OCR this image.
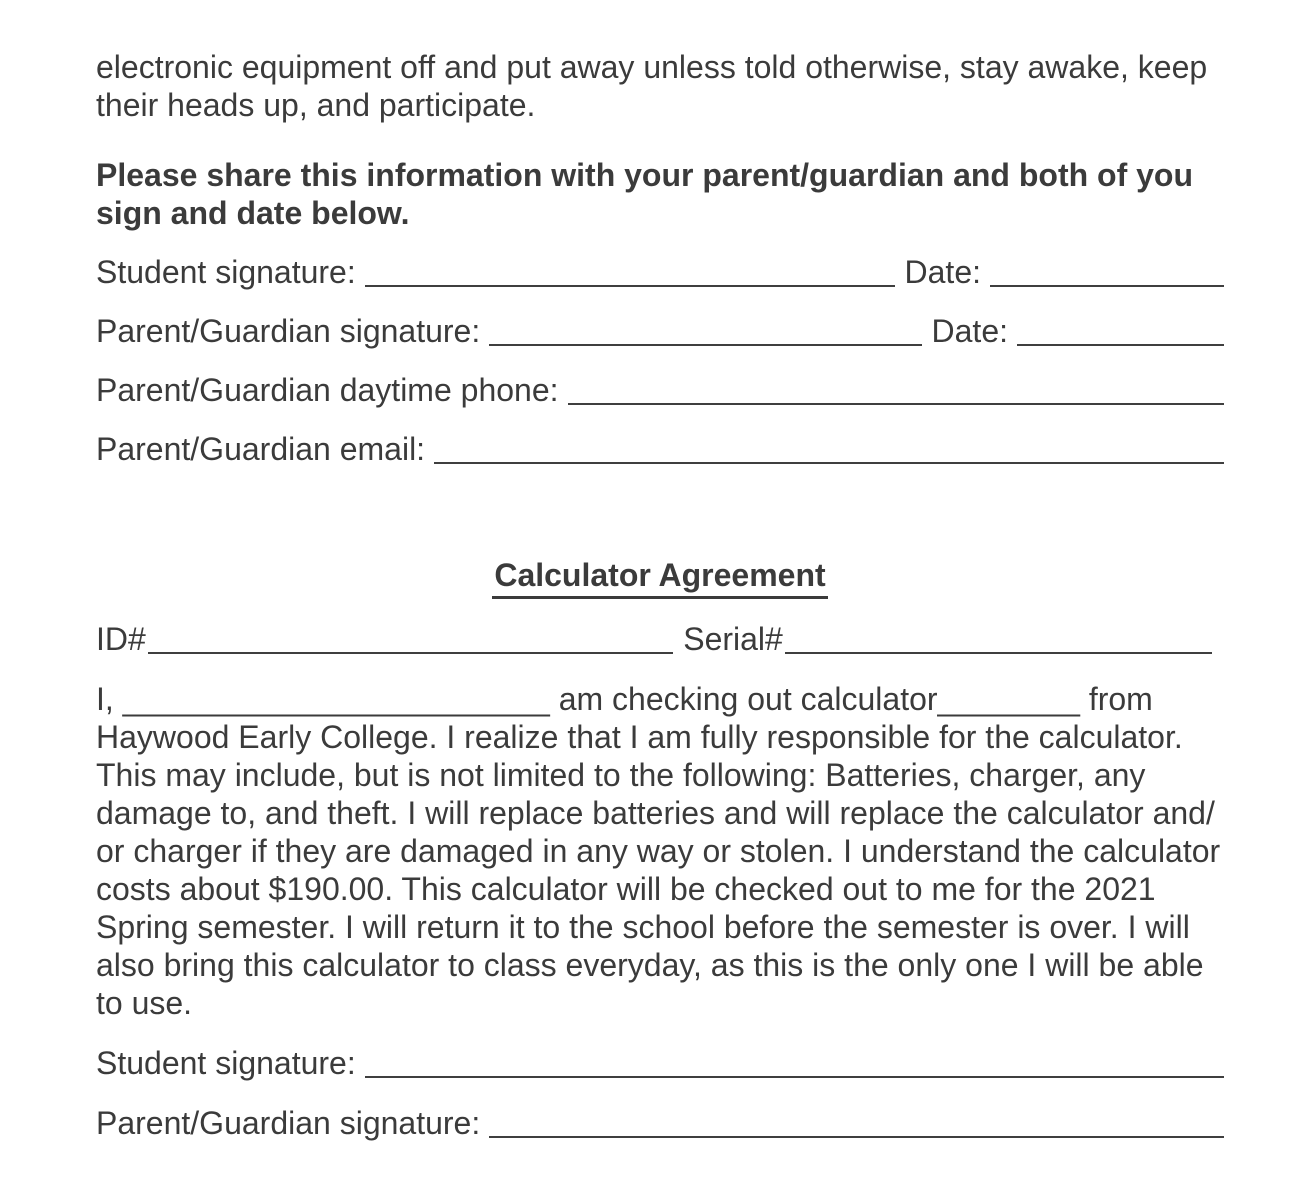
electronic equipment off and put away unless told otherwise, stay awake, keep
their heads up, and participate.

Please share this information with your parent/guardian and both of you
sign and date below.

Student signature:	Date:
Parent/Guardian signature:	Date:
Parent/Guardian daytime phone:
Parent/Guardian email:
Calculator Agreement
ID#	Serial#

I, ________________________ am checking out calculator________ from
Haywood Early College. I realize that I am fully responsible for the calculator.
This may include, but is not limited to the following: Batteries, charger, any
damage to, and theft. I will replace batteries and will replace the calculator and/
or charger if they are damaged in any way or stolen. I understand the calculator
costs about $190.00. This calculator will be checked out to me for the 2021
Spring semester. I will return it to the school before the semester is over. I will
also bring this calculator to class everyday, as this is the only one I will be able
to use.

Student signature:
Parent/Guardian signature:
